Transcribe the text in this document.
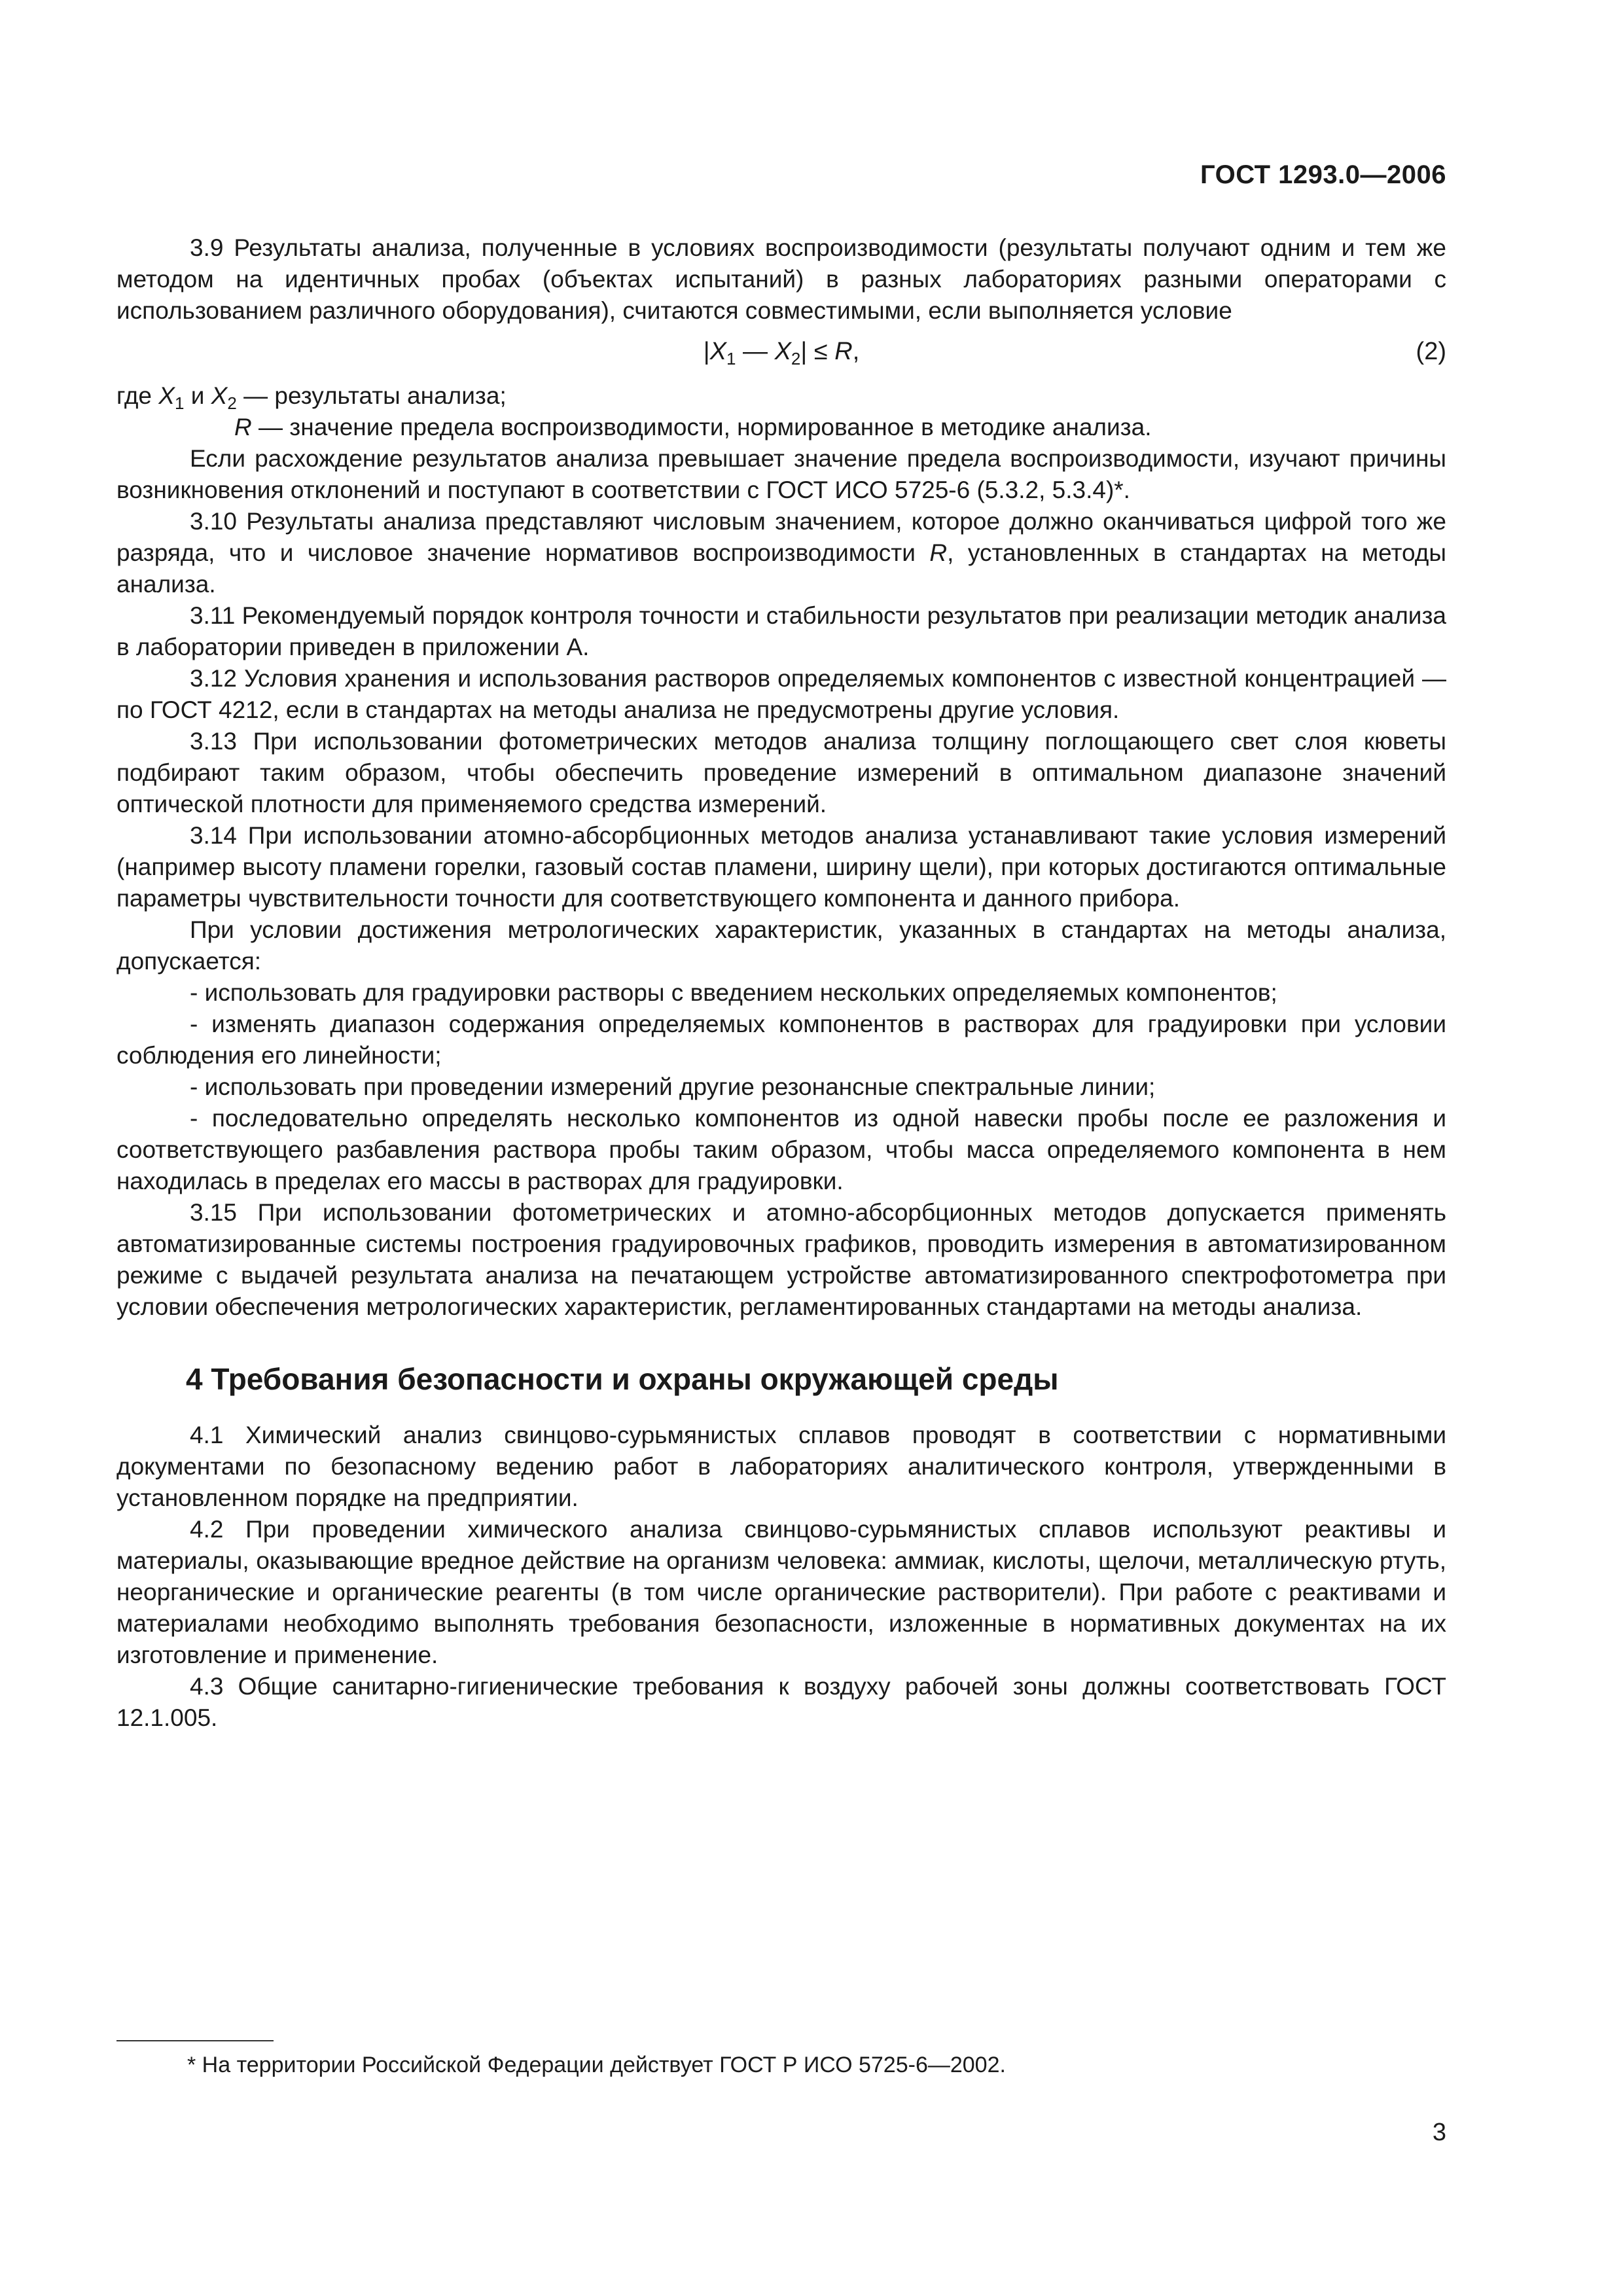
ГОСТ 1293.0—2006

3.9 Результаты анализа, полученные в условиях воспроизводимости (результаты получают одним и тем же методом на идентичных пробах (объектах испытаний) в разных лабораториях разными операторами с использованием различного оборудования), считаются совместимыми, если выполняется условие

$|X_1$ — $X_2| \le R$,	(2)

где $X_1$ и $X_2$ — результаты анализа;

R — значение предела воспроизводимости, нормированное в методике анализа.

Если расхождение результатов анализа превышает значение предела воспроизводимости, изучают причины возникновения отклонений и поступают в соответствии с ГОСТ ИСО 5725-6 (5.3.2, 5.3.4)*.

3.10 Результаты анализа представляют числовым значением, которое должно оканчиваться цифрой того же разряда, что и числовое значение нормативов воспроизводимости R, установленных в стандартах на методы анализа.

3.11 Рекомендуемый порядок контроля точности и стабильности результатов при реализации методик анализа в лаборатории приведен в приложении А.

3.12 Условия хранения и использования растворов определяемых компонентов с известной концентрацией — по ГОСТ 4212, если в стандартах на методы анализа не предусмотрены другие условия.

3.13 При использовании фотометрических методов анализа толщину поглощающего свет слоя кюветы подбирают таким образом, чтобы обеспечить проведение измерений в оптимальном диапазоне значений оптической плотности для применяемого средства измерений.

3.14 При использовании атомно-абсорбционных методов анализа устанавливают такие условия измерений (например высоту пламени горелки, газовый состав пламени, ширину щели), при которых достигаются оптимальные параметры чувствительности точности для соответствующего компонента и данного прибора.

При условии достижения метрологических характеристик, указанных в стандартах на методы анализа, допускается:

- использовать для градуировки растворы с введением нескольких определяемых компонентов;

- изменять диапазон содержания определяемых компонентов в растворах для градуировки при условии соблюдения его линейности;

- использовать при проведении измерений другие резонансные спектральные линии;

- последовательно определять несколько компонентов из одной навески пробы после ее разложения и соответствующего разбавления раствора пробы таким образом, чтобы масса определяемого компонента в нем находилась в пределах его массы в растворах для градуировки.

3.15 При использовании фотометрических и атомно-абсорбционных методов допускается применять автоматизированные системы построения градуировочных графиков, проводить измерения в автоматизированном режиме с выдачей результата анализа на печатающем устройстве автоматизированного спектрофотометра при условии обеспечения метрологических характеристик, регламентированных стандартами на методы анализа.

4 Требования безопасности и охраны окружающей среды

4.1 Химический анализ свинцово-сурьмянистых сплавов проводят в соответствии с нормативными документами по безопасному ведению работ в лабораториях аналитического контроля, утвержденными в установленном порядке на предприятии.

4.2 При проведении химического анализа свинцово-сурьмянистых сплавов используют реактивы и материалы, оказывающие вредное действие на организм человека: аммиак, кислоты, щелочи, металлическую ртуть, неорганические и органические реагенты (в том числе органические растворители). При работе с реактивами и материалами необходимо выполнять требования безопасности, изложенные в нормативных документах на их изготовление и применение.

4.3 Общие санитарно-гигиенические требования к воздуху рабочей зоны должны соответствовать ГОСТ 12.1.005.

* На территории Российской Федерации действует ГОСТ Р ИСО 5725-6—2002.
3
